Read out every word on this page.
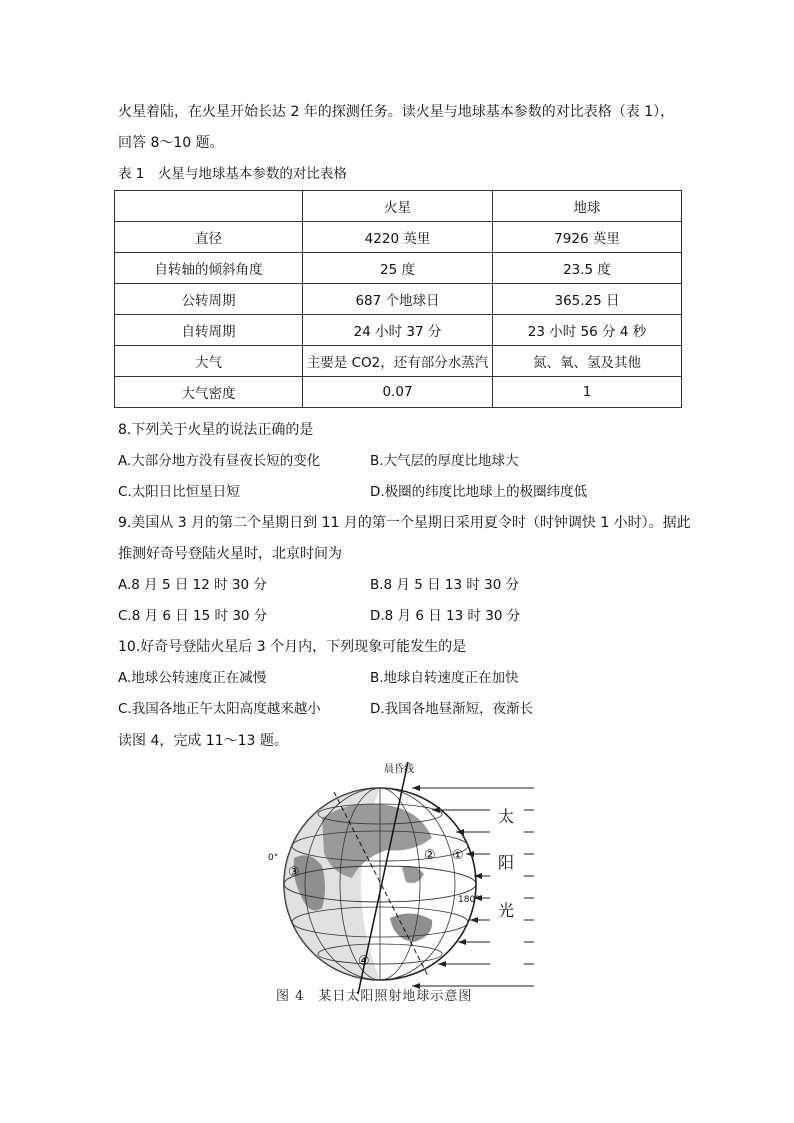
火星着陆，在火星开始长达 2 年的探测任务。读火星与地球基本参数的对比表格（表 1），
回答 8～10 题。
表 1　火星与地球基本参数的对比表格
	火星	地球
直径	4220 英里	7926 英里
自转轴的倾斜角度	25 度	23.5 度
公转周期	687 个地球日	365.25 日
自转周期	24 小时 37 分	23 小时 56 分 4 秒
大气	主要是 CO2，还有部分水蒸汽	氮、氧、氢及其他
大气密度	0.07	1
8.下列关于火星的说法正确的是
A.大部分地方没有昼夜长短的变化	B.大气层的厚度比地球大
C.太阳日比恒星日短	D.极圈的纬度比地球上的极圈纬度低
9.美国从 3 月的第二个星期日到 11 月的第一个星期日采用夏令时（时钟调快 1 小时）。据此
推测好奇号登陆火星时，北京时间为
A.8 月 5 日 12 时 30 分	B.8 月 5 日 13 时 30 分
C.8 月 6 日 15 时 30 分	D.8 月 6 日 13 时 30 分
10.好奇号登陆火星后 3 个月内，下列现象可能发生的是
A.地球公转速度正在减慢	B.地球自转速度正在加快
C.我国各地正午太阳高度越来越小	D.我国各地昼渐短，夜渐长
读图 4，完成 11～13 题。
晨昏线
太
阳
光
0°
180°
①
②
③
④
图 4　某日太阳照射地球示意图
